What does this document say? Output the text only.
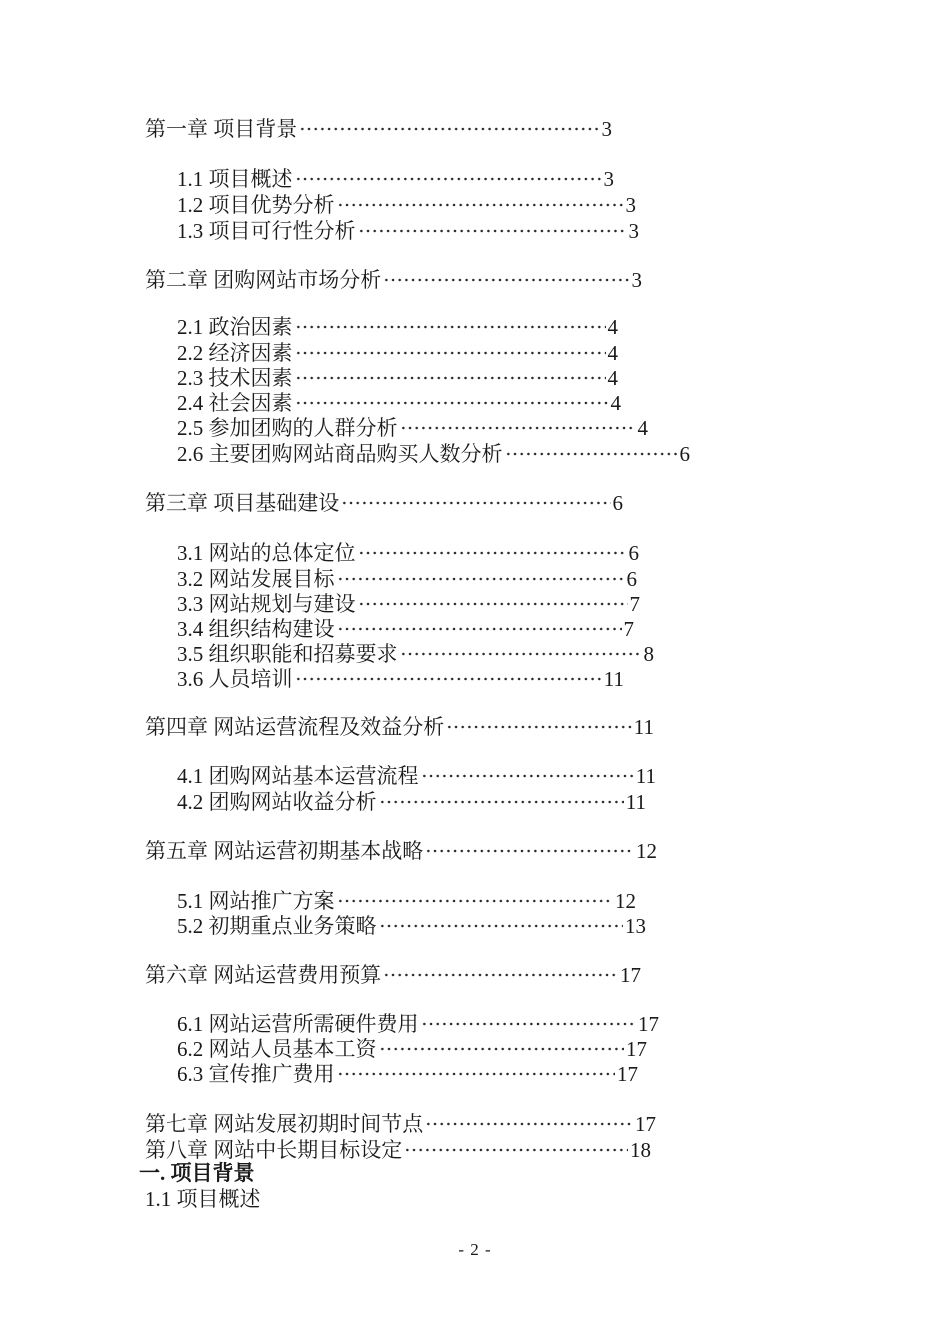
第一章 项目背景	3
1.1 项目概述	3
1.2 项目优势分析	3
1.3 项目可行性分析	3
第二章 团购网站市场分析	3
2.1 政治因素	4
2.2 经济因素	4
2.3 技术因素	4
2.4 社会因素	4
2.5 参加团购的人群分析	4
2.6 主要团购网站商品购买人数分析	6
第三章 项目基础建设	6
3.1 网站的总体定位	6
3.2 网站发展目标	6
3.3 网站规划与建设	7
3.4 组织结构建设	7
3.5 组织职能和招募要求	8
3.6 人员培训	11
第四章 网站运营流程及效益分析	11
4.1 团购网站基本运营流程	11
4.2 团购网站收益分析	11
第五章 网站运营初期基本战略	12
5.1 网站推广方案	12
5.2 初期重点业务策略	13
第六章 网站运营费用预算	17
6.1 网站运营所需硬件费用	17
6.2 网站人员基本工资	17
6.3 宣传推广费用	17
第七章 网站发展初期时间节点	17
第八章 网站中长期目标设定	18
一. 项目背景
1.1 项目概述
- 2 -
